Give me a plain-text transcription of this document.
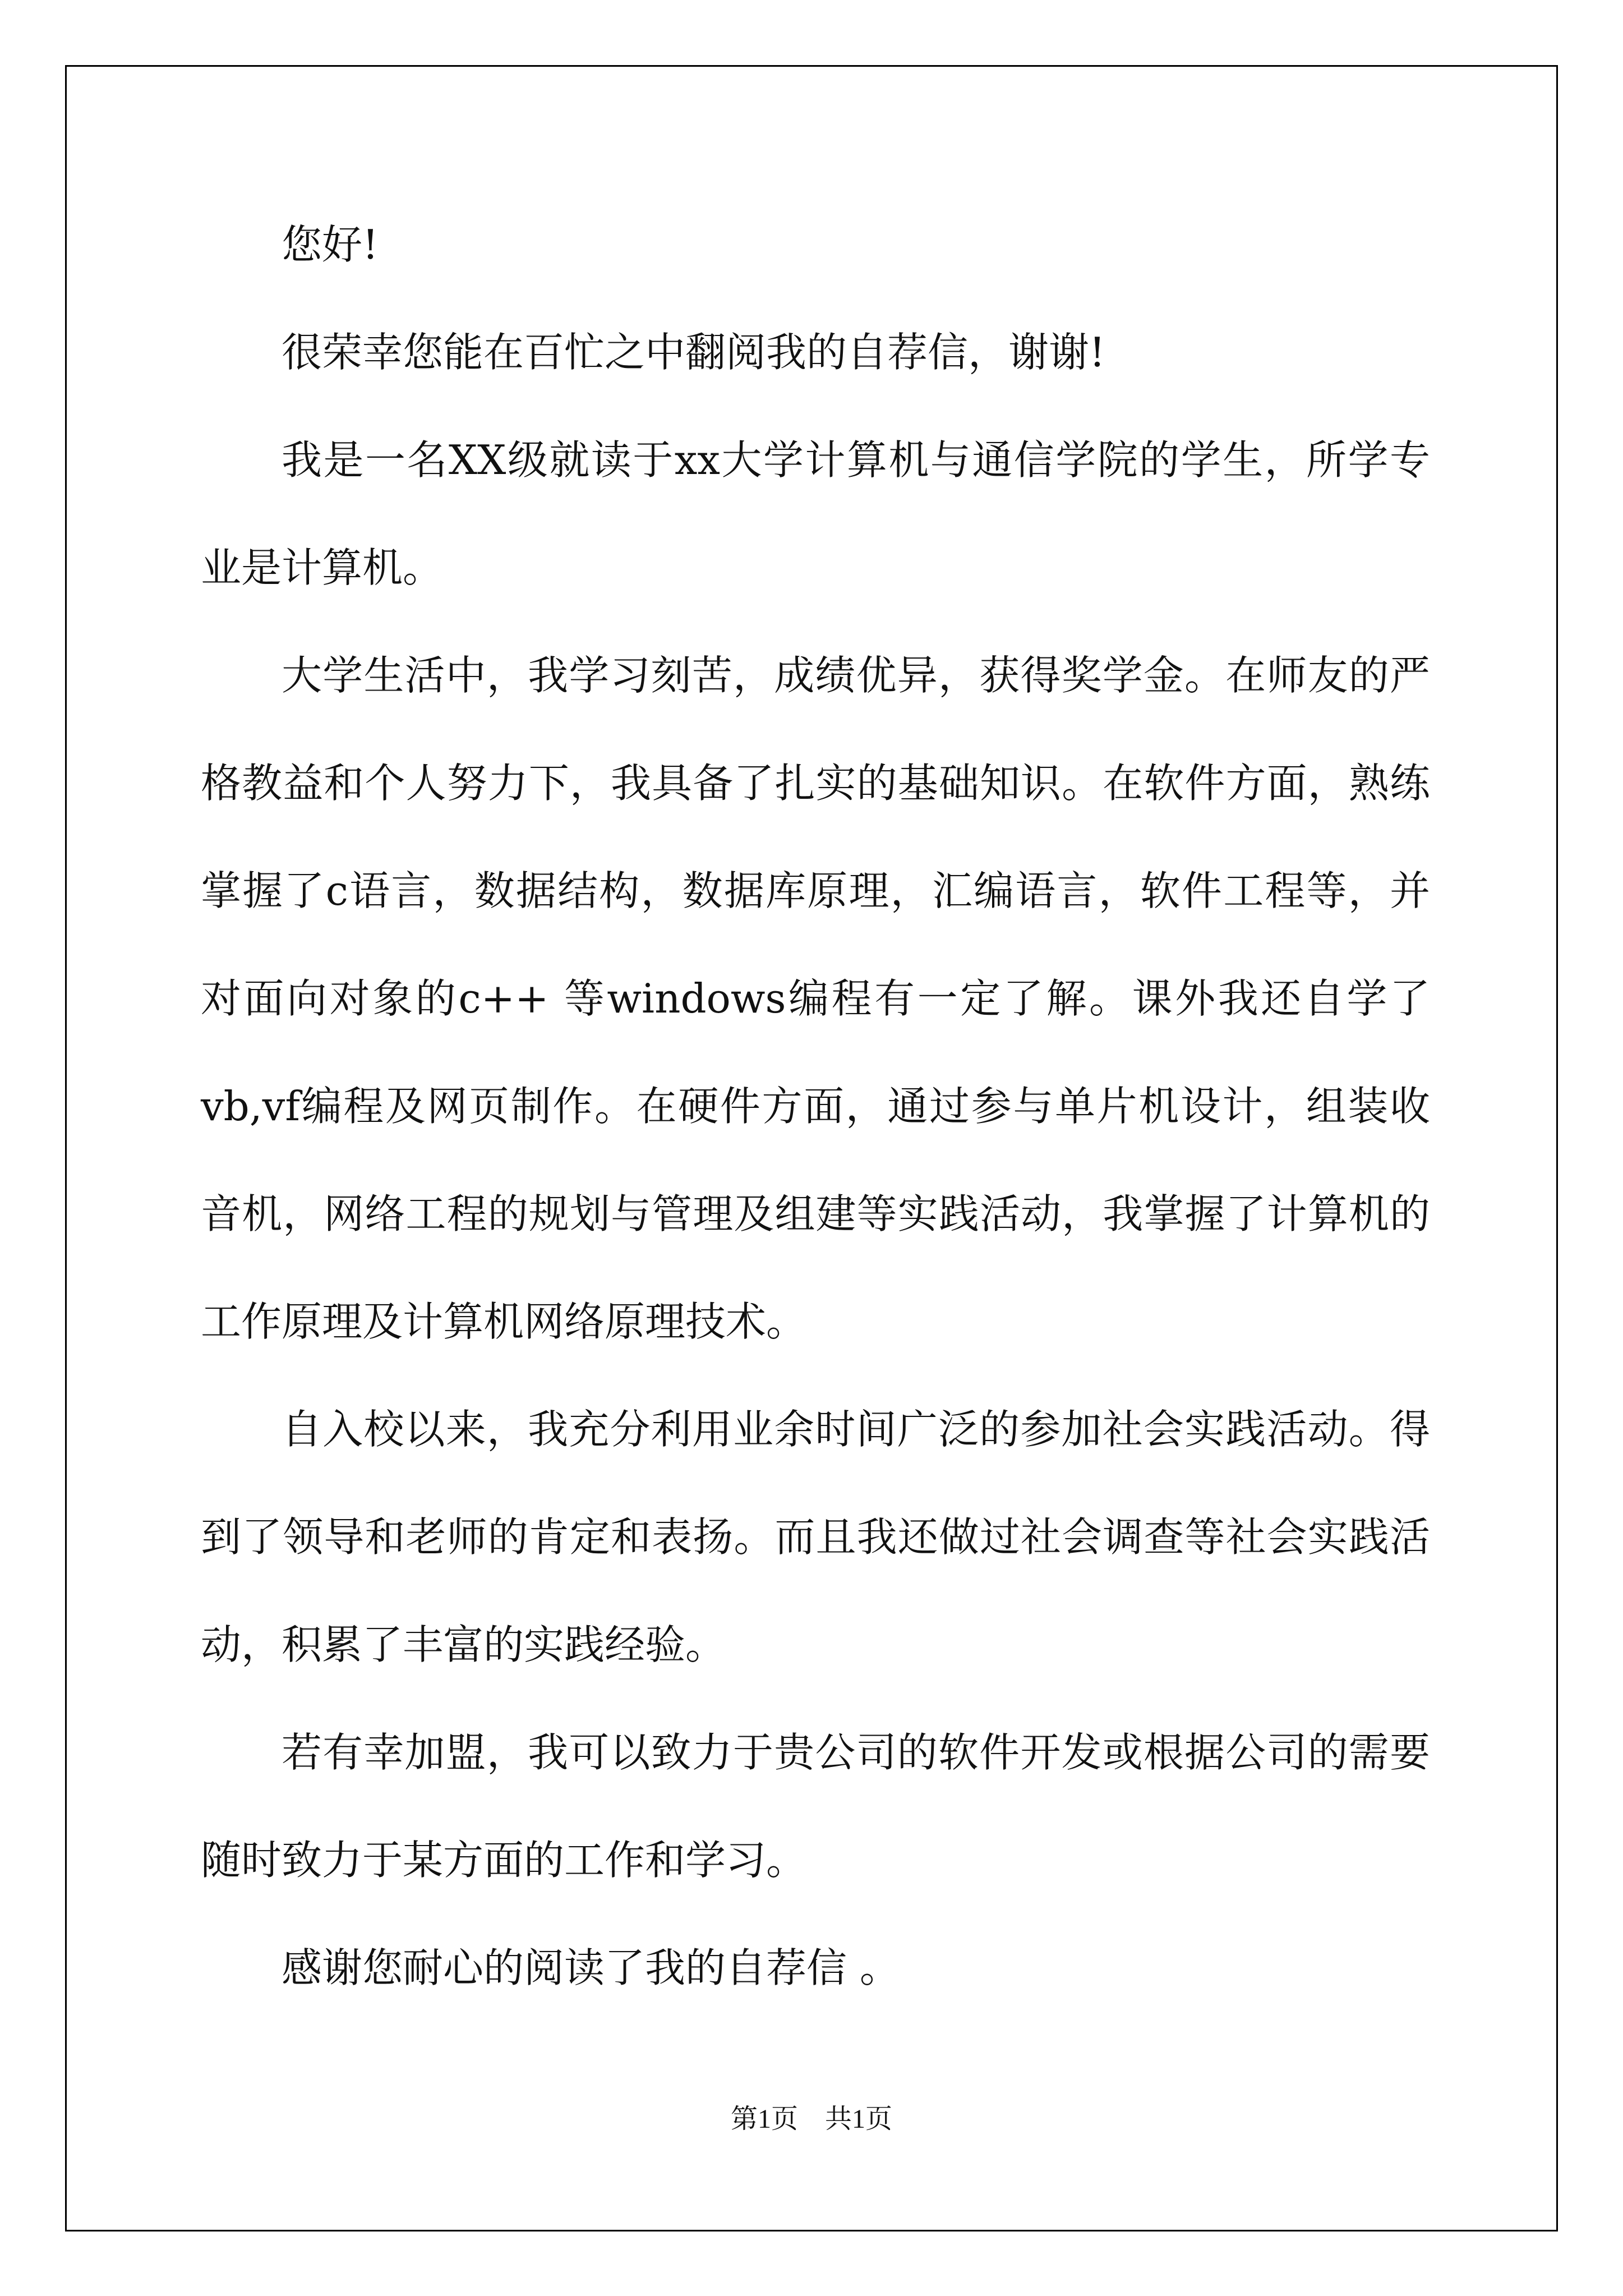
您好!

很荣幸您能在百忙之中翻阅我的自荐信，谢谢!

我是一名XX级就读于xx大学计算机与通信学院的学生，所学专业是计算机。

大学生活中，我学习刻苦，成绩优异，获得奖学金。在师友的严格教益和个人努力下，我具备了扎实的基础知识。在软件方面，熟练掌握了c语言，数据结构，数据库原理，汇编语言，软件工程等，并对面向对象的c++ 等windows编程有一定了解。课外我还自学了vb,vf编程及网页制作。在硬件方面，通过参与单片机设计，组装收音机，网络工程的规划与管理及组建等实践活动，我掌握了计算机的工作原理及计算机网络原理技术。

自入校以来，我充分利用业余时间广泛的参加社会实践活动。得到了领导和老师的肯定和表扬。而且我还做过社会调查等社会实践活动，积累了丰富的实践经验。

若有幸加盟，我可以致力于贵公司的软件开发或根据公司的需要随时致力于某方面的工作和学习。

感谢您耐心的阅读了我的自荐信 。

第1页 共1页
